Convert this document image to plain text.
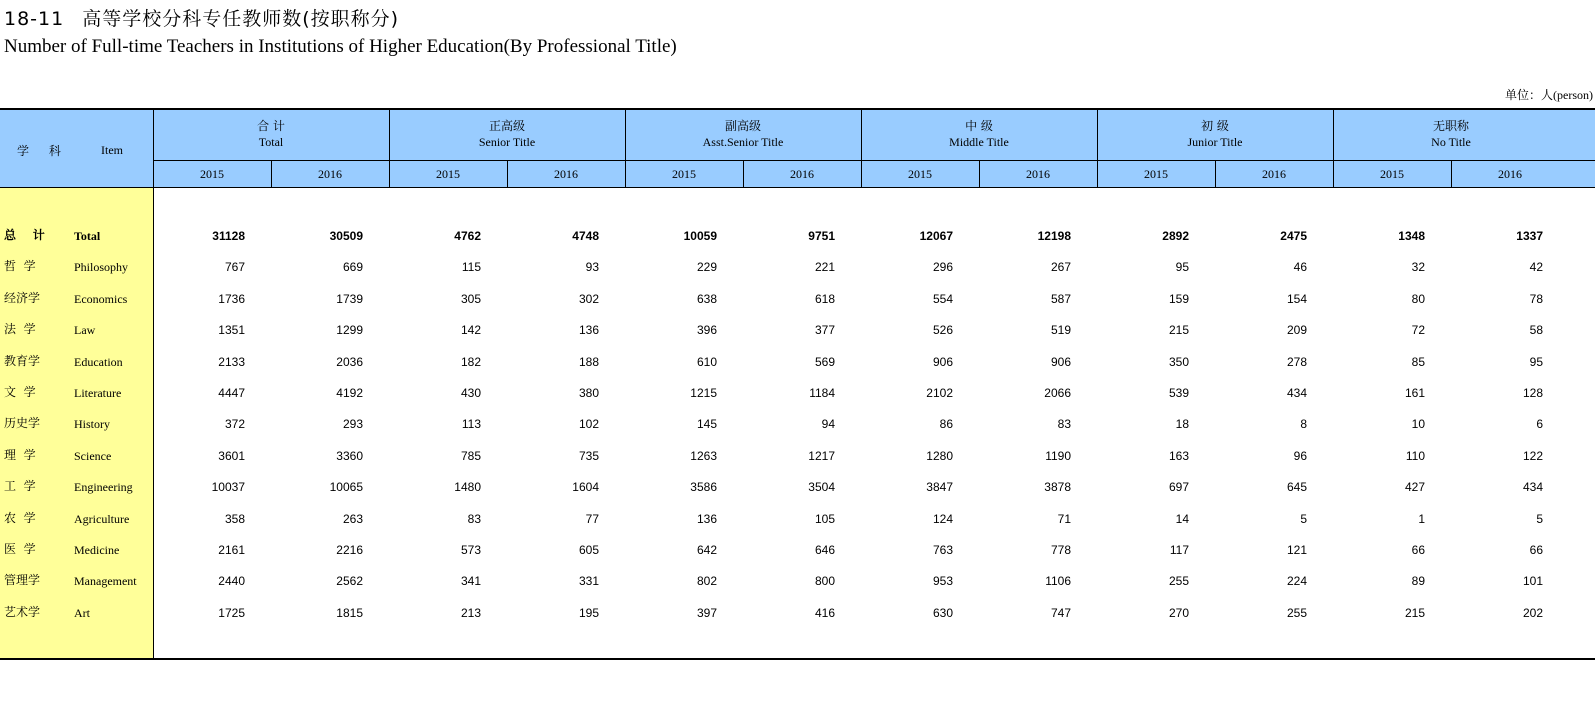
18-11 高等学校分科专任教师数(按职称分)
Number of Full-time Teachers in Institutions of Higher Education(By Professional Title)
单位：人(person)
学 科	Item
合 计
Total
2015	2016
正高级
Senior Title
2015	2016
副高级
Asst.Senior Title
2015	2016
中 级
Middle Title
2015	2016
初 级
Junior Title
2015	2016
无职称
No Title
2015	2016
总    计 Total	31128	30509	4762	4748	10059	9751	12067	12198	2892	2475	1348	1337
哲  学	Philosophy	767	669	115	93	229	221	296	267	95	46	32	42
经济学	Economics	1736	1739	305	302	638	618	554	587	159	154	80	78
法  学	Law	1351	1299	142	136	396	377	526	519	215	209	72	58
教育学	Education	2133	2036	182	188	610	569	906	906	350	278	85	95
文  学	Literature	4447	4192	430	380	1215	1184	2102	2066	539	434	161	128
历史学	History	372	293	113	102	145	94	86	83	18	8	10	6
理  学	Science	3601	3360	785	735	1263	1217	1280	1190	163	96	110	122
工  学	Engineering	10037	10065	1480	1604	3586	3504	3847	3878	697	645	427	434
农  学	Agriculture	358	263	83	77	136	105	124	71	14	5	1	5
医  学	Medicine	2161	2216	573	605	642	646	763	778	117	121	66	66
管理学	Management	2440	2562	341	331	802	800	953	1106	255	224	89	101
艺术学	Art	1725	1815	213	195	397	416	630	747	270	255	215	202
